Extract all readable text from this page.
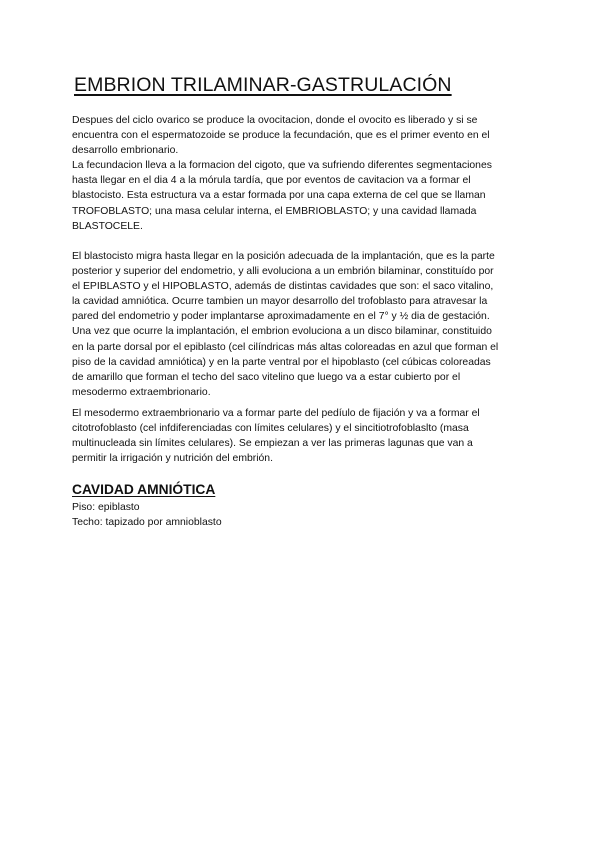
EMBRION TRILAMINAR-GASTRULACIÓN

Despues del ciclo ovarico se produce la ovocitacion, donde el ovocito es liberado y si se
encuentra con el espermatozoide se produce la fecundación, que es el primer evento en el
desarrollo embrionario.
La fecundacion lleva a la formacion del cigoto, que va sufriendo diferentes segmentaciones
hasta llegar en el dia 4 a la mórula tardía, que por eventos de cavitacion va a formar el
blastocisto. Esta estructura va a estar formada por una capa externa de cel que se llaman
TROFOBLASTO; una masa celular interna, el EMBRIOBLASTO; y una cavidad llamada
BLASTOCELE.

El blastocisto migra hasta llegar en la posición adecuada de la implantación, que es la parte
posterior y superior del endometrio, y alli evoluciona a un embrión bilaminar, constituído por
el EPIBLASTO y el HIPOBLASTO, además de distintas cavidades que son: el saco vitalino,
la cavidad amniótica. Ocurre tambien un mayor desarrollo del trofoblasto para atravesar la
pared del endometrio y poder implantarse aproximadamente en el 7° y ½ dia de gestación.
Una vez que ocurre la implantación, el embrion evoluciona a un disco bilaminar, constituido
en la parte dorsal por el epiblasto (cel cilíndricas más altas coloreadas en azul que forman el
piso de la cavidad amniótica) y en la parte ventral por el hipoblasto (cel cúbicas coloreadas
de amarillo que forman el techo del saco vitelino que luego va a estar cubierto por el
mesodermo extraembrionario.

El mesodermo extraembrionario va a formar parte del pedíulo de fijación y va a formar el
citotrofoblasto (cel infdiferenciadas con límites celulares) y el sincitiotrofoblaslto (masa
multinucleada sin límites celulares). Se empiezan a ver las primeras lagunas que van a
permitir la irrigación y nutrición del embrión.

CAVIDAD AMNIÓTICA

Piso: epiblasto
Techo: tapizado por amnioblasto
